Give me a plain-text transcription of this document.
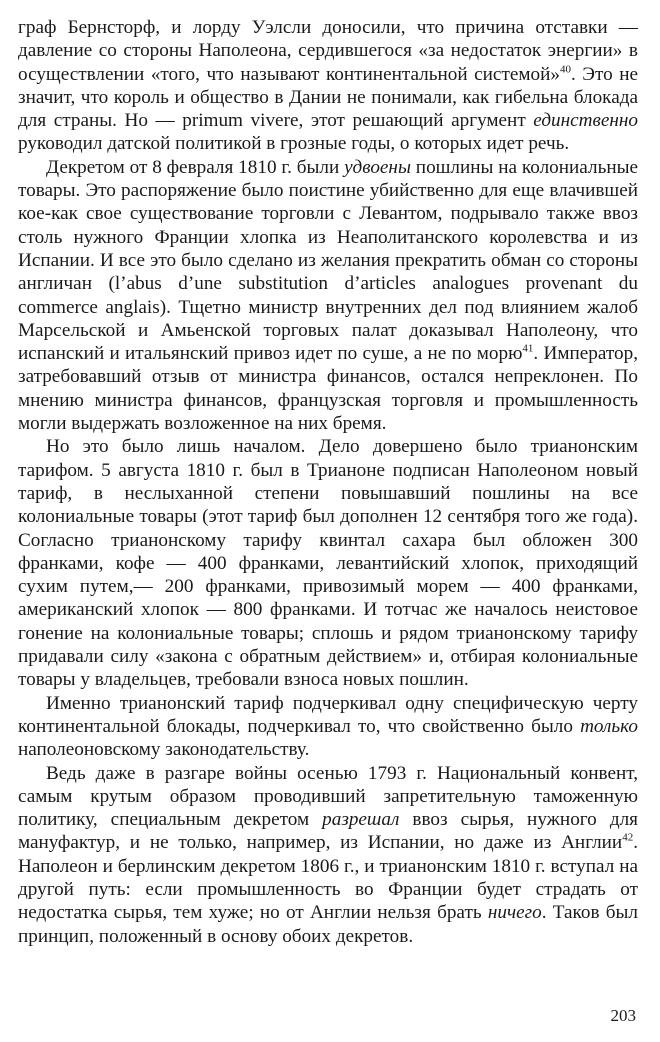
граф Бернсторф, и лорду Уэлсли доносили, что причина отставки — давление со стороны Наполеона, сердившегося «за недостаток энергии» в осуществлении «того, что называют континентальной системой»$^{40}$. Это не значит, что король и общество в Дании не понимали, как гибельна блокада для страны. Но — primum vivere, этот решающий аргумент единственно руководил датской политикой в грозные годы, о которых идет речь.

Декретом от 8 февраля 1810 г. были удвоены пошлины на колониальные товары. Это распоряжение было поистине убийственно для еще влачившей кое-как свое существование торговли с Левантом, подрывало также ввоз столь нужного Франции хлопка из Неаполитанского королевства и из Испании. И все это было сделано из желания прекратить обман со стороны англичан (l’abus d’une substitution d’articles analogues provenant du commerce anglais). Тщетно министр внутренних дел под влиянием жалоб Марсельской и Амьенской торговых палат доказывал Наполеону, что испанский и итальянский привоз идет по суше, а не по морю$^{41}$. Император, затребовавший отзыв от министра финансов, остался непреклонен. По мнению министра финансов, французская торговля и промышленность могли выдержать возложенное на них бремя.

Но это было лишь началом. Дело довершено было трианонским тарифом. 5 августа 1810 г. был в Трианоне подписан Наполеоном новый тариф, в неслыханной степени повышавший пошлины на все колониальные товары (этот тариф был дополнен 12 сентября того же года). Согласно трианонскому тарифу квинтал сахара был обложен 300 франками, кофе — 400 франками, левантийский хлопок, приходящий сухим путем,— 200 франками, привозимый морем — 400 франками, американский хлопок — 800 франками. И тотчас же началось неистовое гонение на колониальные товары; сплошь и рядом трианонскому тарифу придавали силу «закона с обратным действием» и, отбирая колониальные товары у владельцев, требовали взноса новых пошлин.

Именно трианонский тариф подчеркивал одну специфическую черту континентальной блокады, подчеркивал то, что свойственно было только наполеоновскому законодательству.

Ведь даже в разгаре войны осенью 1793 г. Национальный конвент, самым крутым образом проводивший запретительную таможенную политику, специальным декретом разрешал ввоз сырья, нужного для мануфактур, и не только, например, из Испании, но даже из Англии$^{42}$. Наполеон и берлинским декретом 1806 г., и трианонским 1810 г. вступал на другой путь: если промышленность во Франции будет страдать от недостатка сырья, тем хуже; но от Англии нельзя брать ничего. Таков был принцип, положенный в основу обоих декретов.

203
